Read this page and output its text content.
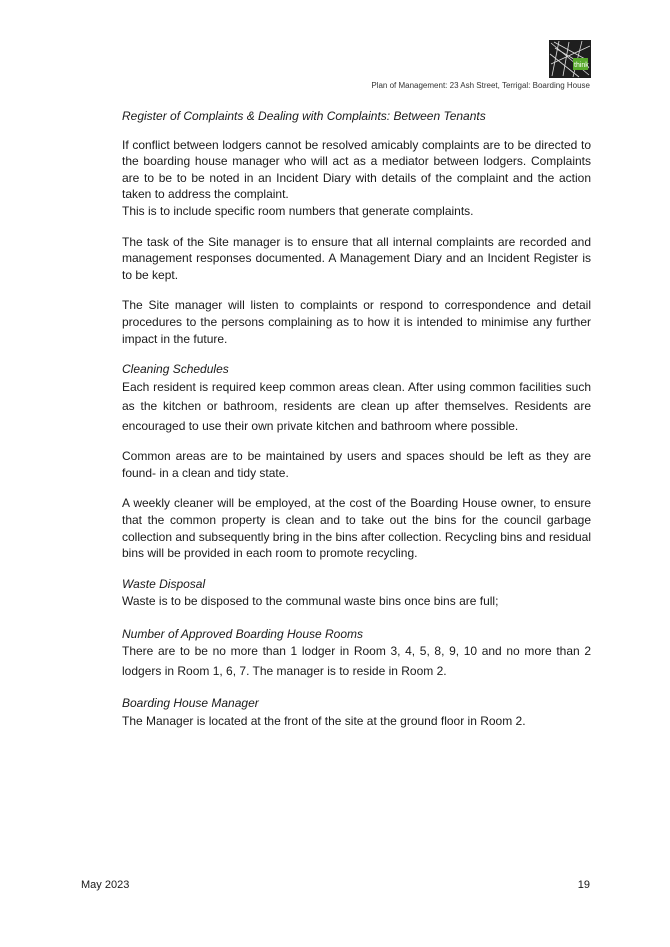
think
Plan of Management: 23 Ash Street, Terrigal: Boarding House

Register of Complaints & Dealing with Complaints: Between Tenants

If conflict between lodgers cannot be resolved amicably complaints are to be directed to the boarding house manager who will act as a mediator between lodgers. Complaints are to be to be noted in an Incident Diary with details of the complaint and the action taken to address the complaint.

This is to include specific room numbers that generate complaints.

The task of the Site manager is to ensure that all internal complaints are recorded and management responses documented. A Management Diary and an Incident Register is to be kept.

The Site manager will listen to complaints or respond to correspondence and detail procedures to the persons complaining as to how it is intended to minimise any further impact in the future.

Cleaning Schedules

Each resident is required keep common areas clean. After using common facilities such as the kitchen or bathroom, residents are clean up after themselves. Residents are encouraged to use their own private kitchen and bathroom where possible.

Common areas are to be maintained by users and spaces should be left as they are found- in a clean and tidy state.

A weekly cleaner will be employed, at the cost of the Boarding House owner, to ensure that the common property is clean and to take out the bins for the council garbage collection and subsequently bring in the bins after collection. Recycling bins and residual bins will be provided in each room to promote recycling.

Waste Disposal

Waste is to be disposed to the communal waste bins once bins are full;

Number of Approved Boarding House Rooms

There are to be no more than 1 lodger in Room 3, 4, 5, 8, 9, 10 and no more than 2 lodgers in Room 1, 6, 7. The manager is to reside in Room 2.

Boarding House Manager

The Manager is located at the front of the site at the ground floor in Room 2.

May 2023	19
